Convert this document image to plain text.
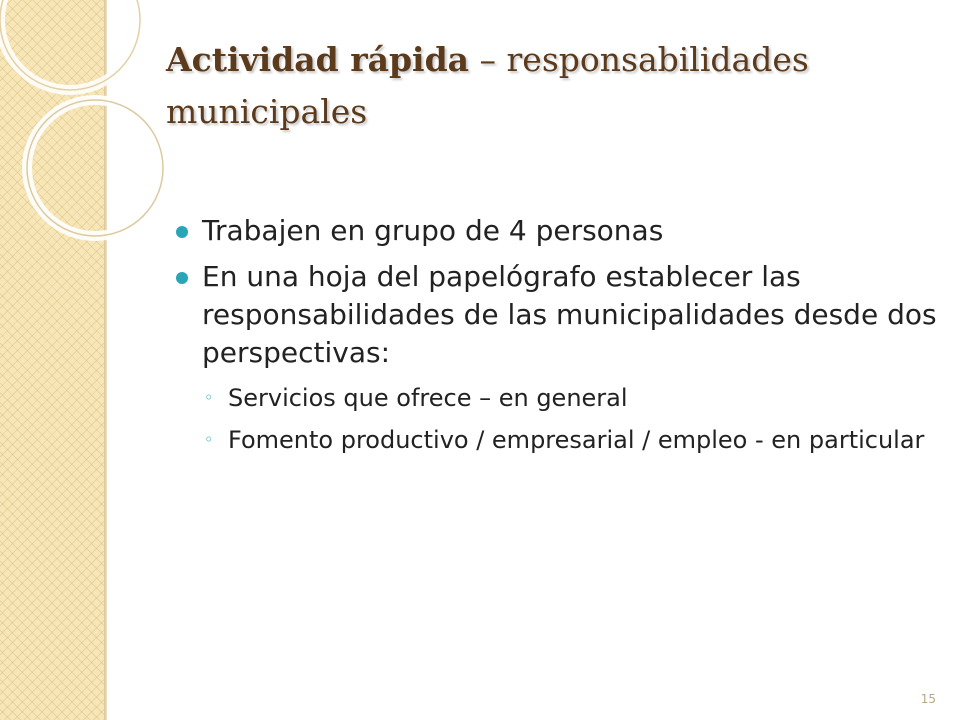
Actividad rápida – responsabilidades municipales
Trabajen en grupo de 4 personas
En una hoja del papelógrafo establecer las responsabilidades de las municipalidades desde dos perspectivas:
◦ Servicios que ofrece – en general
◦ Fomento productivo / empresarial / empleo - en particular
15
